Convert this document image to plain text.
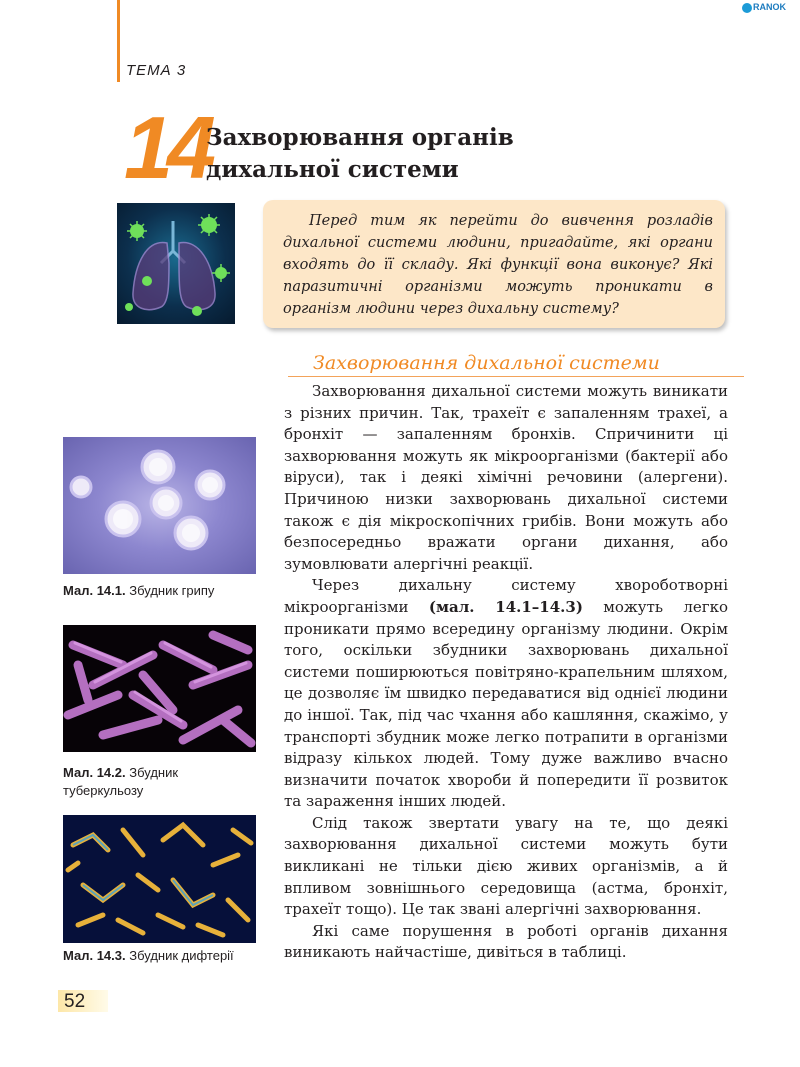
ТЕМА 3
RANOK
14
Захворювання органів
дихальної системи
Перед тим як перейти до вивчення розладів дихальної системи людини, пригадайте, які органи входять до її складу. Які функції вона виконує? Які паразитичні організми можуть проникати в організм людини через дихальну систему?
Захворювання дихальної системи

Захворювання дихальної системи можуть виникати з різних причин. Так, трахеїт є запаленням трахеї, а бронхіт — запаленням бронхів. Спричинити ці захворювання можуть як мікроорганізми (бактерії або віруси), так і деякі хімічні речовини (алергени). Причиною низки захворювань дихальної системи також є дія мікроскопічних грибів. Вони можуть або безпосередньо вражати органи дихання, або зумовлювати алергічні реакції.

Через дихальну систему хвороботворні мікроорганізми (мал. 14.1–14.3) можуть легко проникати прямо всередину організму людини. Окрім того, оскільки збудники захворювань дихальної системи поширюються повітряно-крапельним шляхом, це дозволяє їм швидко передаватися від однієї людини до іншої. Так, під час чхання або кашляння, скажімо, у транспорті збудник може легко потрапити в організми відразу кількох людей. Тому дуже важливо вчасно визначити початок хвороби й попередити її розвиток та зараження інших людей.

Слід також звертати увагу на те, що деякі захворювання дихальної системи можуть бути викликані не тільки дією живих організмів, а й впливом зовнішнього середовища (астма, бронхіт, трахеїт тощо). Це так звані алергічні захворювання.

Які саме порушення в роботі органів дихання виникають найчастіше, дивіться в таблиці.

Мал. 14.1. Збудник грипу
Мал. 14.2. Збудник туберкульозу
Мал. 14.3. Збудник дифтерії
52
